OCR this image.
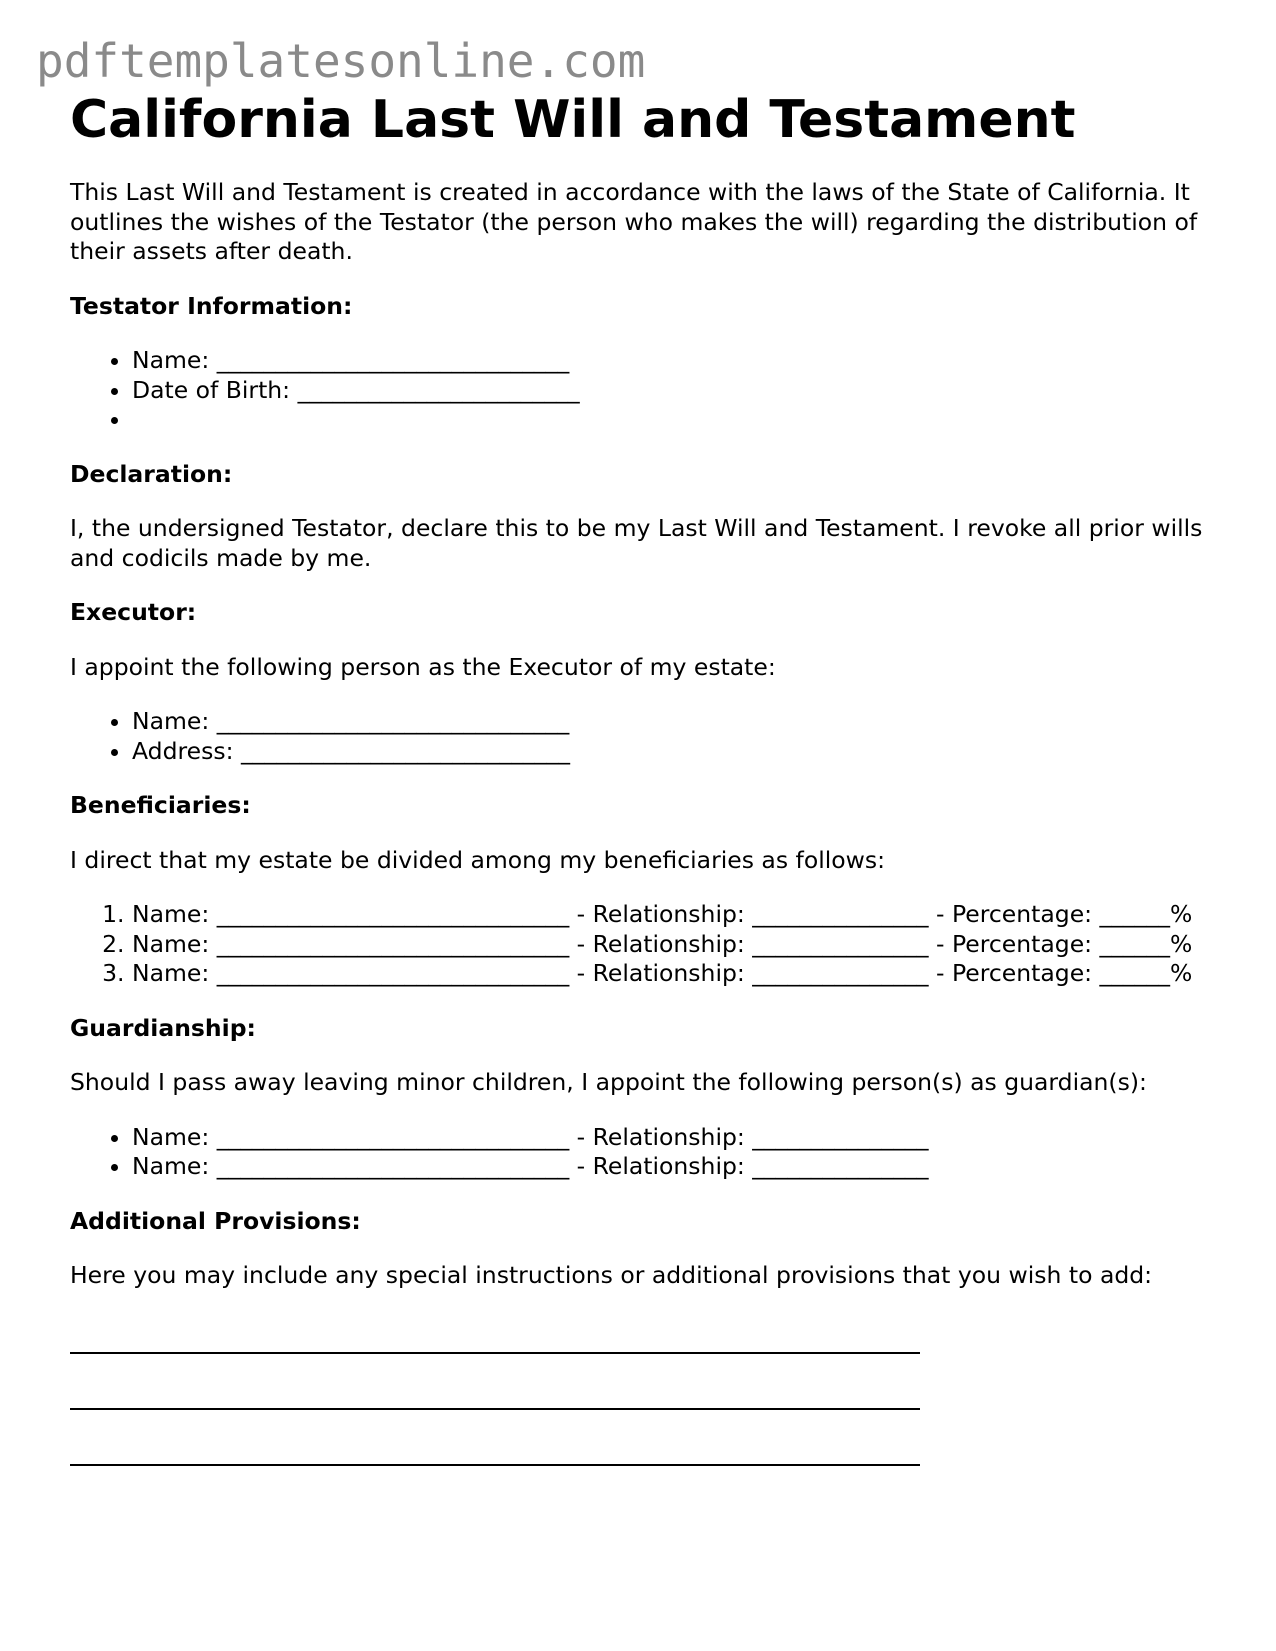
pdftemplatesonline.com
California Last Will and Testament

This Last Will and Testament is created in accordance with the laws of the State of California. It outlines the wishes of the Testator (the person who makes the will) regarding the distribution of their assets after death.

Testator Information:
• Name: ______________________________
• Date of Birth: ________________________
•
Declaration:

I, the undersigned Testator, declare this to be my Last Will and Testament. I revoke all prior wills and codicils made by me.

Executor:

I appoint the following person as the Executor of my estate:

• Name: ______________________________
• Address: ____________________________
Beneficiaries:

I direct that my estate be divided among my beneficiaries as follows:

1. Name: ______________________________ - Relationship: _______________ - Percentage: ______%
2. Name: ______________________________ - Relationship: _______________ - Percentage: ______%
3. Name: ______________________________ - Relationship: _______________ - Percentage: ______%
Guardianship:

Should I pass away leaving minor children, I appoint the following person(s) as guardian(s):

• Name: ______________________________ - Relationship: _______________
• Name: ______________________________ - Relationship: _______________
Additional Provisions:

Here you may include any special instructions or additional provisions that you wish to add:
